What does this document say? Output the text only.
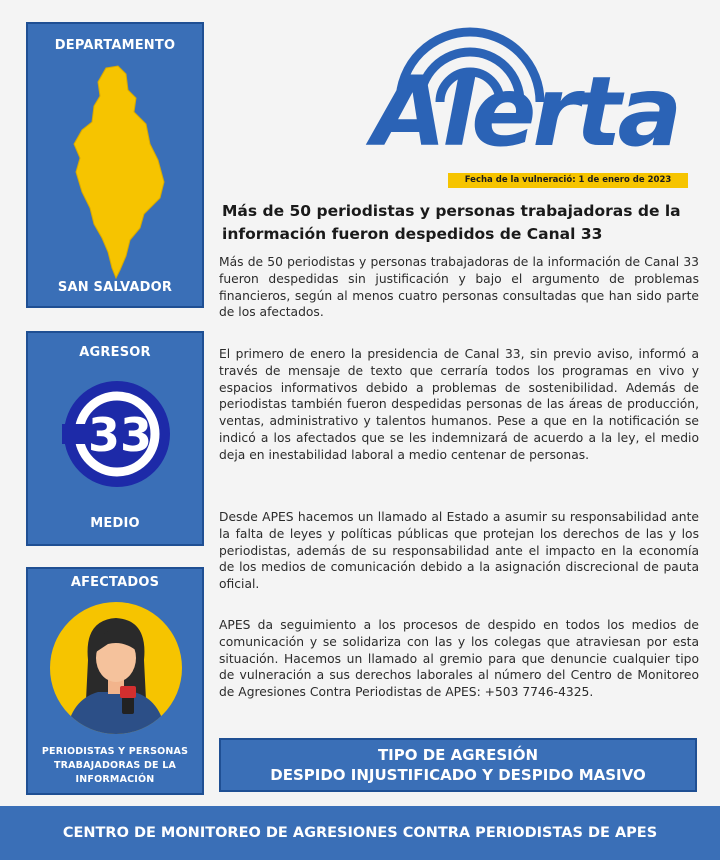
DEPARTAMENTO
SAN SALVADOR
AGRESOR
33
MEDIO
AFECTADOS
PERIODISTAS Y PERSONAS TRABAJADORAS DE LA INFORMACIÓN
Alerta
Fecha de la vulneració: 1 de enero de 2023
Más de 50 periodistas y personas trabajadoras de la información fueron despedidos de Canal 33

Más de 50 periodistas y personas trabajadoras de la información de Canal 33 fueron despedidas sin justificación y bajo el argumento de problemas financieros, según al menos cuatro personas consultadas que han sido parte de los afectados.

El primero de enero la presidencia de Canal 33, sin previo aviso, informó a través de mensaje de texto que cerraría todos los programas en vivo y espacios informativos debido a problemas de sostenibilidad. Además de periodistas también fueron despedidas personas de las áreas de producción, ventas, administrativo y talentos humanos. Pese a que en la notificación se indicó a los afectados que se les indemnizará de acuerdo a la ley, el medio deja en inestabilidad laboral a medio centenar de personas.

Desde APES hacemos un llamado al Estado a asumir su responsabilidad ante la falta de leyes y políticas públicas que protejan los derechos de las y los periodistas, además de su responsabilidad ante el impacto en la economía de los medios de comunicación debido a la asignación discrecional de pauta oficial.

APES da seguimiento a los procesos de despido en todos los medios de comunicación y se solidariza con las y los colegas que atraviesan por esta situación. Hacemos un llamado al gremio para que denuncie cualquier tipo de vulneración a sus derechos laborales al número del Centro de Monitoreo de Agresiones Contra Periodistas de APES: +503 7746-4325.

TIPO DE AGRESIÓN
DESPIDO INJUSTIFICADO Y DESPIDO MASIVO
CENTRO DE MONITOREO DE AGRESIONES CONTRA PERIODISTAS DE APES
